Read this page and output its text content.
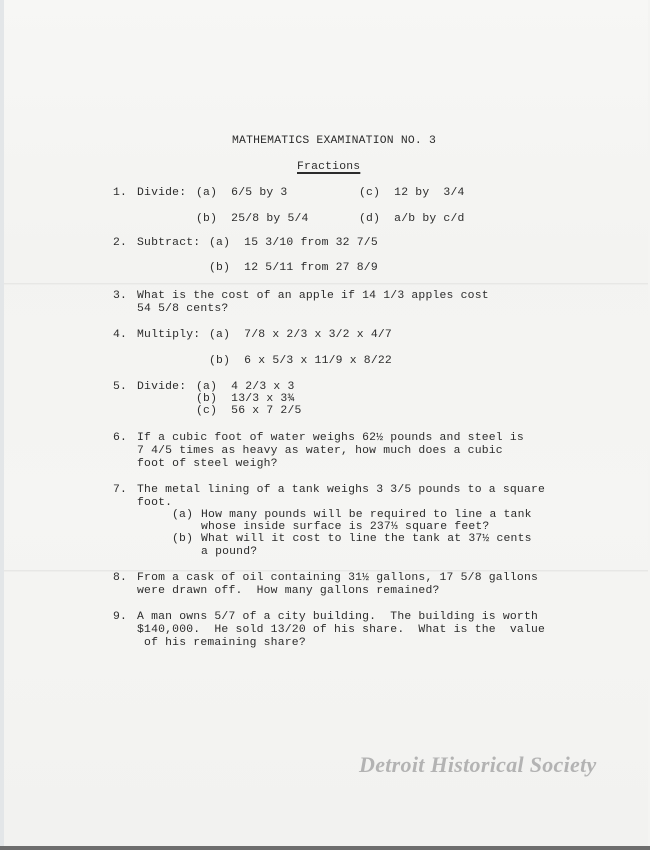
MATHEMATICS EXAMINATION NO. 3
Fractions
1. Divide: (a)  6/5 by 3	(c)  12 by  3/4
(b)  25/8 by 5/4	(d)  a/b by c/d
2. Subtract: (a)  15 3/10 from 32 7/5
(b)  12 5/11 from 27 8/9
3. What is the cost of an apple if 14 1/3 apples cost
54 5/8 cents?
4. Multiply: (a)  7/8 x 2/3 x 3/2 x 4/7
(b)  6 x 5/3 x 11/9 x 8/22
5. Divide: (a)  4 2/3 x 3
(b)  13/3 x 3¾
(c)  56 x 7 2/5
6. If a cubic foot of water weighs 62½ pounds and steel is
7 4/5 times as heavy as water, how much does a cubic
foot of steel weigh?
7. The metal lining of a tank weighs 3 3/5 pounds to a square
foot.
(a) How many pounds will be required to line a tank
whose inside surface is 237⅓ square feet?
(b) What will it cost to line the tank at 37½ cents
a pound?
8. From a cask of oil containing 31½ gallons, 17 5/8 gallons
were drawn off.  How many gallons remained?
9. A man owns 5/7 of a city building.  The building is worth
$140,000.  He sold 13/20 of his share.  What is the  value
of his remaining share?
Detroit Historical Society
